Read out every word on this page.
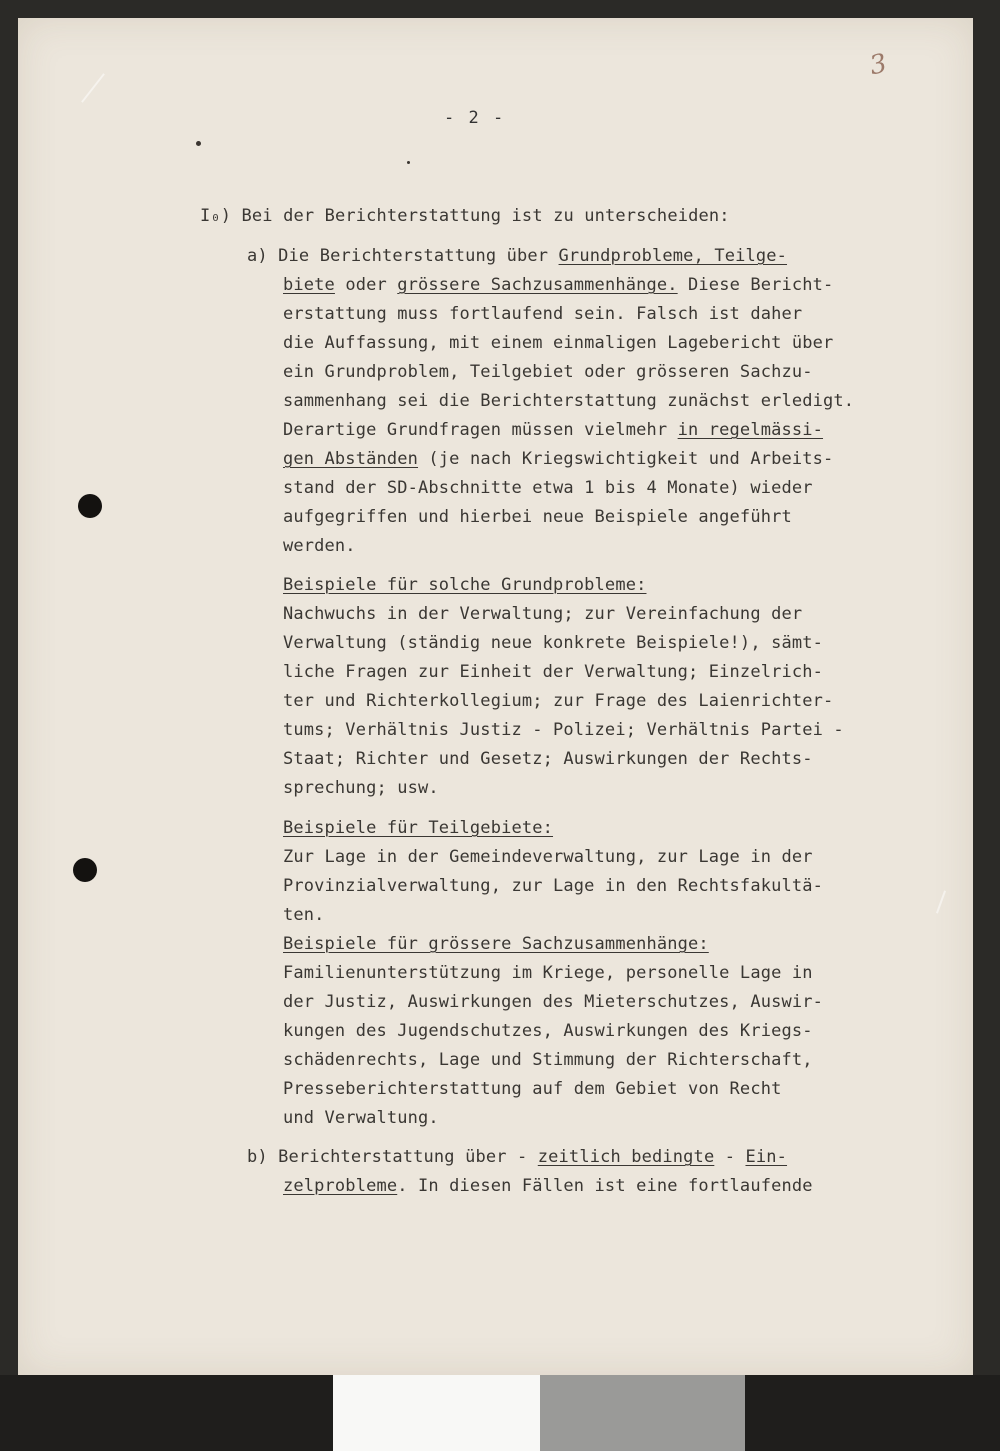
3
- 2 -
I₀) Bei der Berichterstattung ist zu unterscheiden:
a) Die Berichterstattung über Grundprobleme, Teilge-
biete oder grössere Sachzusammenhänge. Diese Bericht-
erstattung muss fortlaufend sein. Falsch ist daher
die Auffassung, mit einem einmaligen Lagebericht über
ein Grundproblem, Teilgebiet oder grösseren Sachzu-
sammenhang sei die Berichterstattung zunächst erledigt.
Derartige Grundfragen müssen vielmehr in regelmässi-
gen Abständen (je nach Kriegswichtigkeit und Arbeits-
stand der SD-Abschnitte etwa 1 bis 4 Monate) wieder
aufgegriffen und hierbei neue Beispiele angeführt
werden.
Beispiele für solche Grundprobleme:
Nachwuchs in der Verwaltung; zur Vereinfachung der
Verwaltung (ständig neue konkrete Beispiele!), sämt-
liche Fragen zur Einheit der Verwaltung; Einzelrich-
ter und Richterkollegium; zur Frage des Laienrichter-
tums; Verhältnis Justiz - Polizei; Verhältnis Partei -
Staat; Richter und Gesetz; Auswirkungen der Rechts-
sprechung; usw.
Beispiele für Teilgebiete:
Zur Lage in der Gemeindeverwaltung, zur Lage in der
Provinzialverwaltung, zur Lage in den Rechtsfakultä-
ten.
Beispiele für grössere Sachzusammenhänge:
Familienunterstützung im Kriege, personelle Lage in
der Justiz, Auswirkungen des Mieterschutzes, Auswir-
kungen des Jugendschutzes, Auswirkungen des Kriegs-
schädenrechts, Lage und Stimmung der Richterschaft,
Presseberichterstattung auf dem Gebiet von Recht
und Verwaltung.
b) Berichterstattung über - zeitlich bedingte - Ein-
zelprobleme. In diesen Fällen ist eine fortlaufende
